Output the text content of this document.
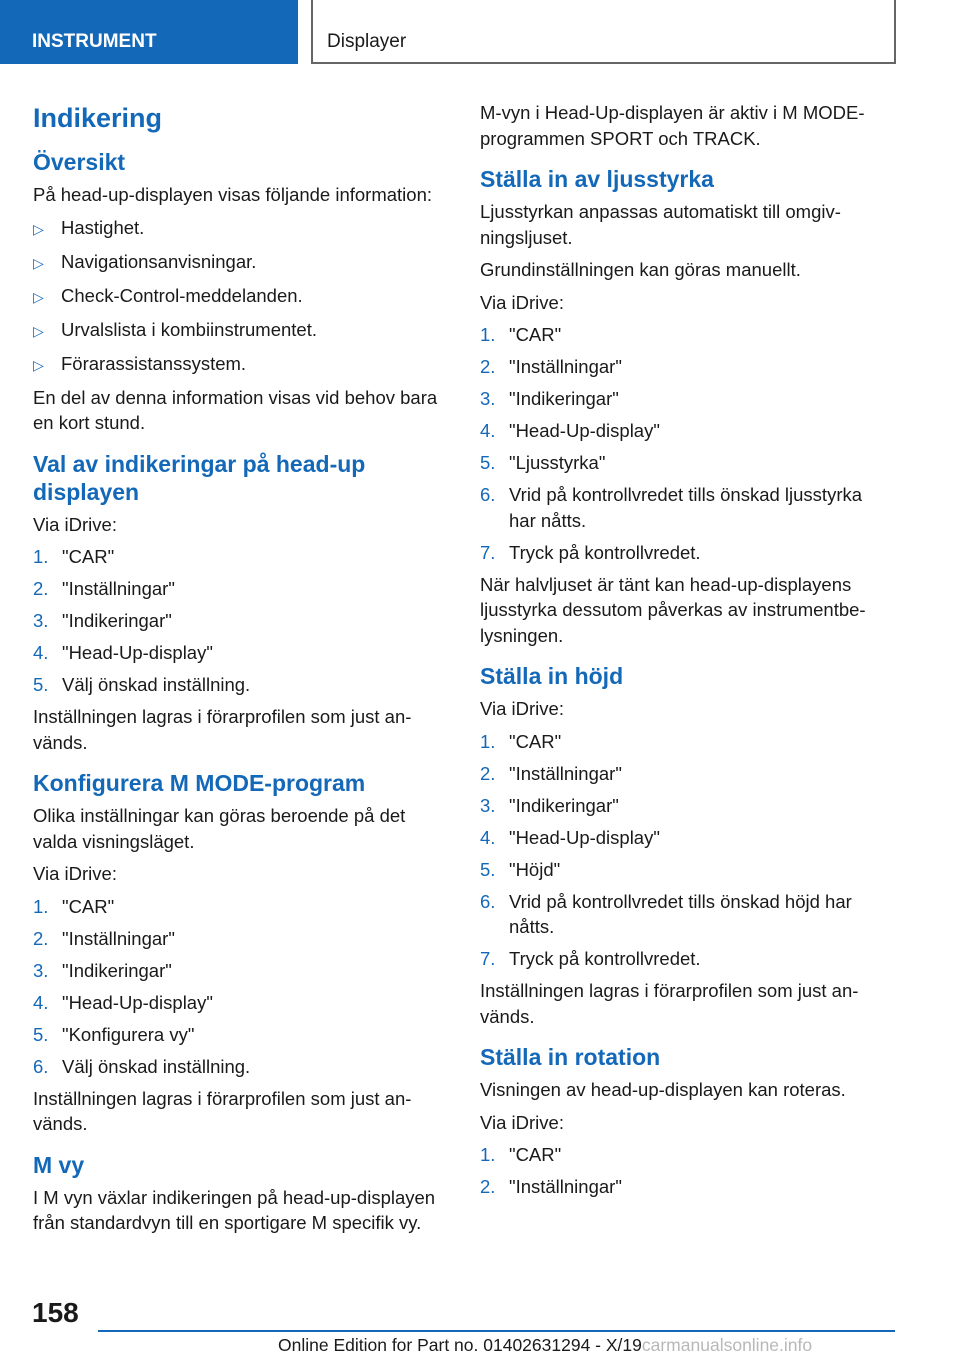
INSTRUMENT	Displayer
Indikering
Översikt

På head-up-displayen visas följande information:

▷ Hastighet.
▷ Navigationsanvisningar.
▷ Check-Control-meddelanden.
▷ Urvalslista i kombiinstrumentet.
▷ Förarassistanssystem.

En del av denna information visas vid behov bara en kort stund.

Val av indikeringar på head-up displayen

Via iDrive:

1. "CAR"
2. "Inställningar"
3. "Indikeringar"
4. "Head-Up-display"
5. Välj önskad inställning.

Inställningen lagras i förarprofilen som just an-vänds.

Konfigurera M MODE-program

Olika inställningar kan göras beroende på det valda visningsläget.

Via iDrive:

1. "CAR"
2. "Inställningar"
3. "Indikeringar"
4. "Head-Up-display"
5. "Konfigurera vy"
6. Välj önskad inställning.

Inställningen lagras i förarprofilen som just an-vänds.

M vy

I M vyn växlar indikeringen på head-up-displayen från standardvyn till en sportigare M specifik vy.

M-vyn i Head-Up-displayen är aktiv i M MODE-programmen SPORT och TRACK.

Ställa in av ljusstyrka

Ljusstyrkan anpassas automatiskt till omgiv-ningsljuset.

Grundinställningen kan göras manuellt.

Via iDrive:

1. "CAR"
2. "Inställningar"
3. "Indikeringar"
4. "Head-Up-display"
5. "Ljusstyrka"
6. Vrid på kontrollvredet tills önskad ljusstyrka har nåtts.
7. Tryck på kontrollvredet.

När halvljuset är tänt kan head-up-displayens ljusstyrka dessutom påverkas av instrumentbe-lysningen.

Ställa in höjd

Via iDrive:

1. "CAR"
2. "Inställningar"
3. "Indikeringar"
4. "Head-Up-display"
5. "Höjd"
6. Vrid på kontrollvredet tills önskad höjd har nåtts.
7. Tryck på kontrollvredet.

Inställningen lagras i förarprofilen som just an-vänds.

Ställa in rotation

Visningen av head-up-displayen kan roteras.

Via iDrive:

1. "CAR"
2. "Inställningar"
158
Online Edition for Part no. 01402631294 - X/19carmanualsonline.info
